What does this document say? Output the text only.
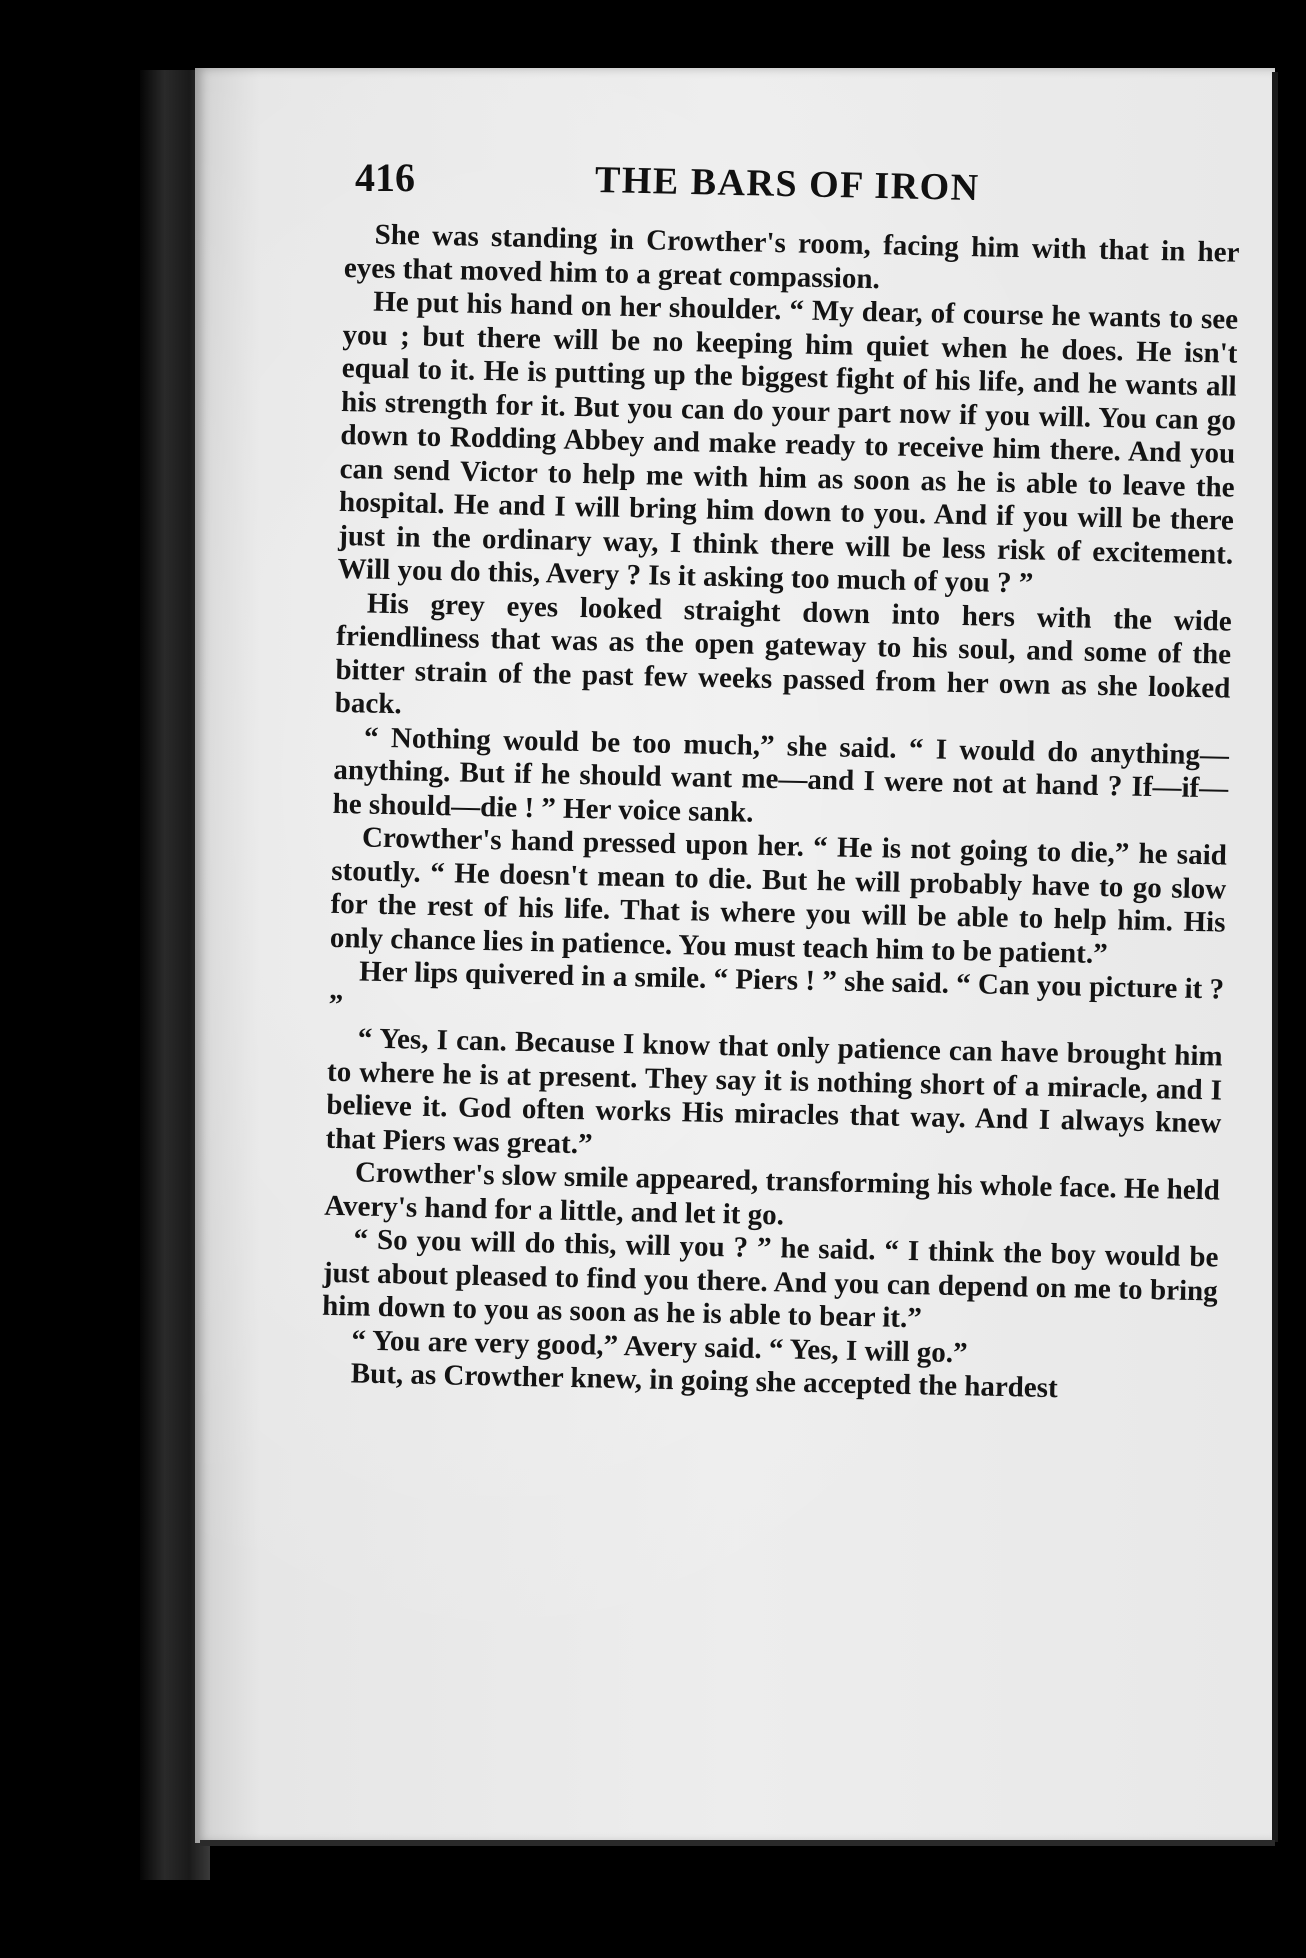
416	THE BARS OF IRON

She was standing in Crowther's room, facing him with that in her eyes that moved him to a great compassion.

He put his hand on her shoulder. “ My dear, of course he wants to see you ; but there will be no keeping him quiet when he does. He isn't equal to it. He is putting up the biggest fight of his life, and he wants all his strength for it. But you can do your part now if you will. You can go down to Rodding Abbey and make ready to receive him there. And you can send Victor to help me with him as soon as he is able to leave the hospital. He and I will bring him down to you. And if you will be there just in the ordinary way, I think there will be less risk of excitement. Will you do this, Avery ? Is it asking too much of you ? ”

His grey eyes looked straight down into hers with the wide friendliness that was as the open gateway to his soul, and some of the bitter strain of the past few weeks passed from her own as she looked back.

“ Nothing would be too much,” she said. “ I would do anything—anything. But if he should want me—and I were not at hand ? If—if—he should—die ! ” Her voice sank.

Crowther's hand pressed upon her. “ He is not going to die,” he said stoutly. “ He doesn't mean to die. But he will probably have to go slow for the rest of his life. That is where you will be able to help him. His only chance lies in patience. You must teach him to be patient.”

Her lips quivered in a smile. “ Piers ! ” she said. “ Can you picture it ? ”

“ Yes, I can. Because I know that only patience can have brought him to where he is at present. They say it is nothing short of a miracle, and I believe it. God often works His miracles that way. And I always knew that Piers was great.”

Crowther's slow smile appeared, transforming his whole face. He held Avery's hand for a little, and let it go.

“ So you will do this, will you ? ” he said. “ I think the boy would be just about pleased to find you there. And you can depend on me to bring him down to you as soon as he is able to bear it.”

“ You are very good,” Avery said. “ Yes, I will go.”

But, as Crowther knew, in going she accepted the hardest
